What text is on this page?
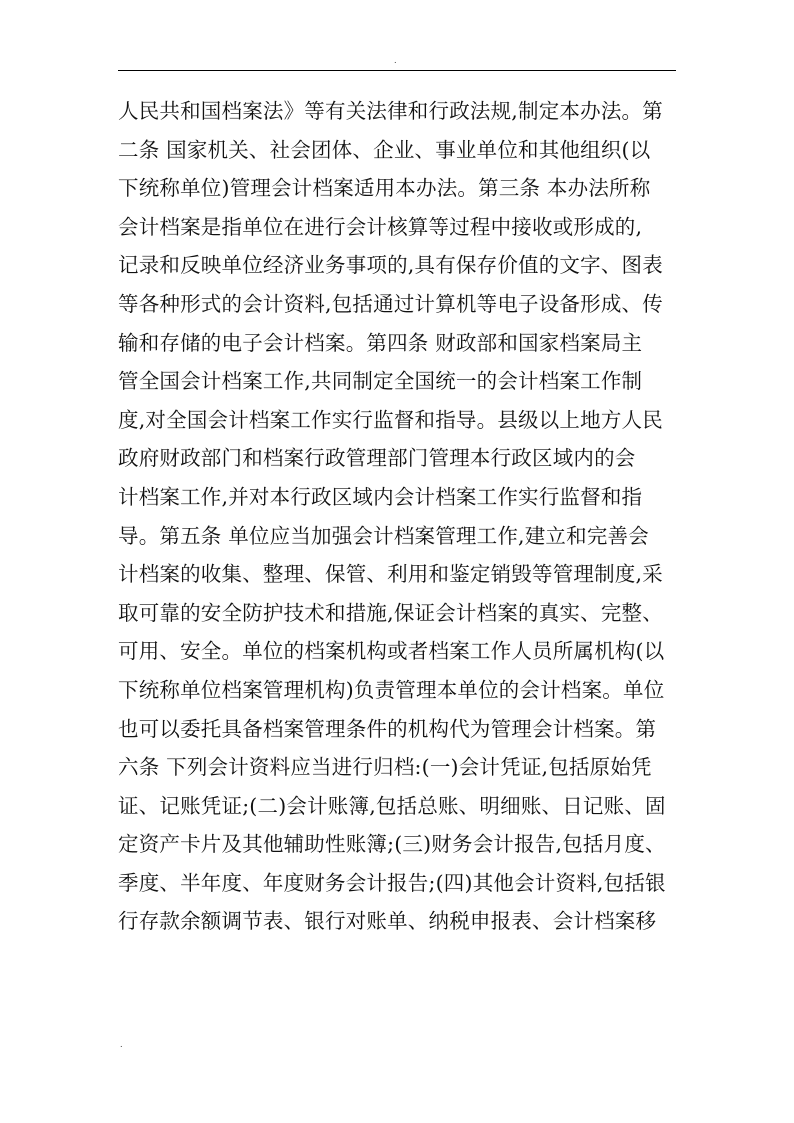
.
人民共和国档案法》等有关法律和行政法规,制定本办法。第
二条 国家机关、社会团体、企业、事业单位和其他组织(以
下统称单位)管理会计档案适用本办法。第三条 本办法所称
会计档案是指单位在进行会计核算等过程中接收或形成的,
记录和反映单位经济业务事项的,具有保存价值的文字、图表
等各种形式的会计资料,包括通过计算机等电子设备形成、传
输和存储的电子会计档案。第四条 财政部和国家档案局主
管全国会计档案工作,共同制定全国统一的会计档案工作制
度,对全国会计档案工作实行监督和指导。县级以上地方人民
政府财政部门和档案行政管理部门管理本行政区域内的会
计档案工作,并对本行政区域内会计档案工作实行监督和指
导。第五条 单位应当加强会计档案管理工作,建立和完善会
计档案的收集、整理、保管、利用和鉴定销毁等管理制度,采
取可靠的安全防护技术和措施,保证会计档案的真实、完整、
可用、安全。单位的档案机构或者档案工作人员所属机构(以
下统称单位档案管理机构)负责管理本单位的会计档案。单位
也可以委托具备档案管理条件的机构代为管理会计档案。第
六条 下列会计资料应当进行归档:(一)会计凭证,包括原始凭
证、记账凭证;(二)会计账簿,包括总账、明细账、日记账、固
定资产卡片及其他辅助性账簿;(三)财务会计报告,包括月度、
季度、半年度、年度财务会计报告;(四)其他会计资料,包括银
行存款余额调节表、银行对账单、纳税申报表、会计档案移
.
